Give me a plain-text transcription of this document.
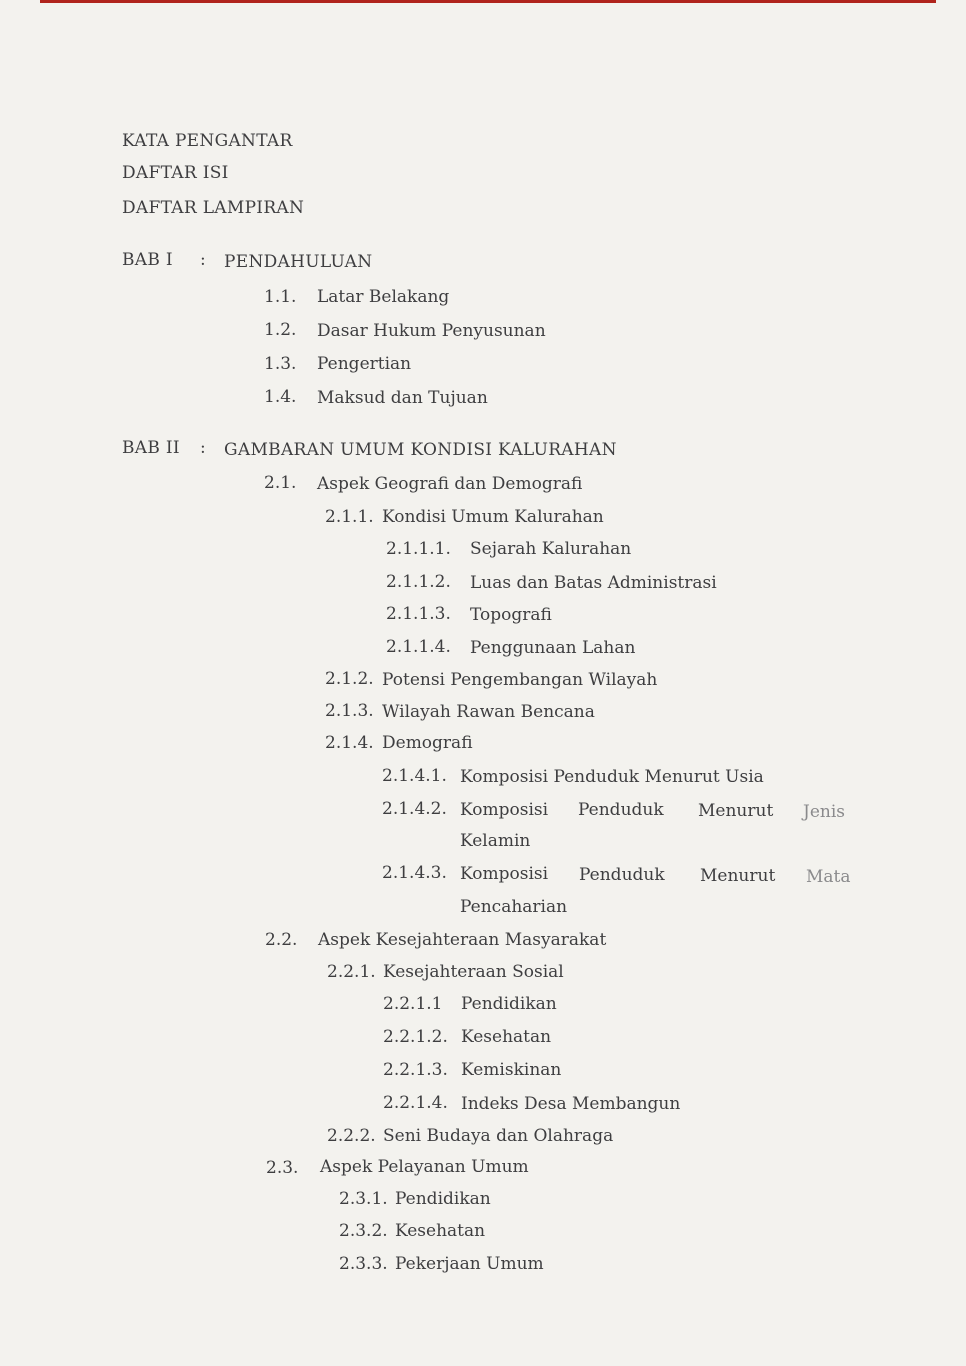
KATA PENGANTAR
DAFTAR ISI
DAFTAR LAMPIRAN
BAB I : PENDAHULUAN
1.1. Latar Belakang
1.2. Dasar Hukum Penyusunan
1.3. Pengertian
1.4. Maksud dan Tujuan
BAB II : GAMBARAN UMUM KONDISI KALURAHAN
2.1. Aspek Geografi dan Demografi
2.1.1. Kondisi Umum Kalurahan
2.1.1.1. Sejarah Kalurahan
2.1.1.2. Luas dan Batas Administrasi
2.1.1.3. Topografi
2.1.1.4. Penggunaan Lahan
2.1.2. Potensi Pengembangan Wilayah
2.1.3. Wilayah Rawan Bencana
2.1.4. Demografi
2.1.4.1. Komposisi Penduduk Menurut Usia
2.1.4.2. Komposisi Penduduk Menurut Jenis
Kelamin
2.1.4.3. Komposisi Penduduk Menurut Mata
Pencaharian
2.2. Aspek Kesejahteraan Masyarakat
2.2.1. Kesejahteraan Sosial
2.2.1.1 Pendidikan
2.2.1.2. Kesehatan
2.2.1.3. Kemiskinan
2.2.1.4. Indeks Desa Membangun
2.2.2. Seni Budaya dan Olahraga
2.3. Aspek Pelayanan Umum
2.3.1. Pendidikan
2.3.2. Kesehatan
2.3.3. Pekerjaan Umum
